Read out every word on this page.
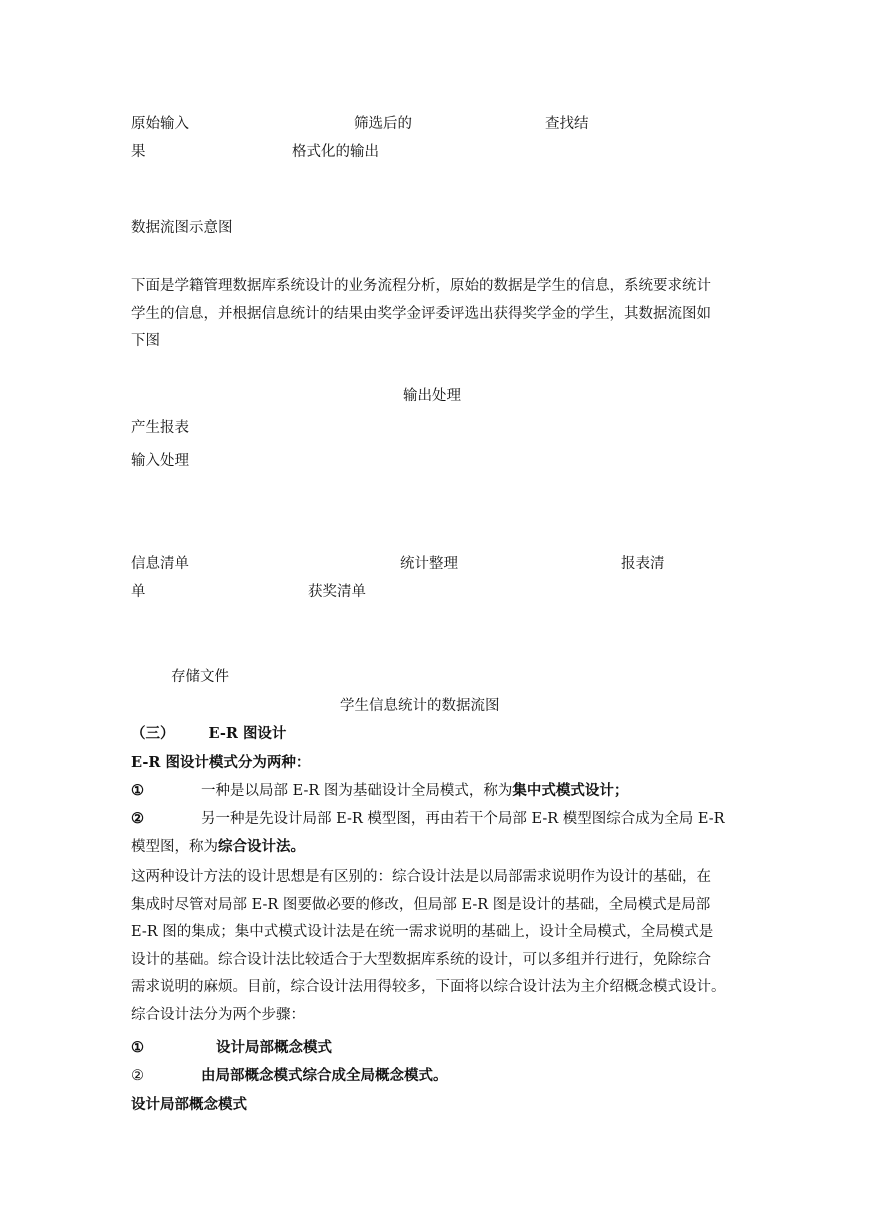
原始输入	筛选后的	查找结
果	格式化的输出
数据流图示意图
下面是学籍管理数据库系统设计的业务流程分析，原始的数据是学生的信息，系统要求统计
学生的信息，并根据信息统计的结果由奖学金评委评选出获得奖学金的学生，其数据流图如
下图
输出处理
产生报表
输入处理
信息清单	统计整理	报表清
单	获奖清单
存储文件
学生信息统计的数据流图
（三） E-R 图设计
E-R 图设计模式分为两种：
①	一种是以局部 E-R 图为基础设计全局模式，称为集中式模式设计；
②	另一种是先设计局部 E-R 模型图，再由若干个局部 E-R 模型图综合成为全局 E-R
模型图，称为综合设计法。
这两种设计方法的设计思想是有区别的：综合设计法是以局部需求说明作为设计的基础，在
集成时尽管对局部 E-R 图要做必要的修改，但局部 E-R 图是设计的基础，全局模式是局部
E-R 图的集成；集中式模式设计法是在统一需求说明的基础上，设计全局模式，全局模式是
设计的基础。综合设计法比较适合于大型数据库系统的设计，可以多组并行进行，免除综合
需求说明的麻烦。目前，综合设计法用得较多，下面将以综合设计法为主介绍概念模式设计。
综合设计法分为两个步骤：
①	设计局部概念模式
②	由局部概念模式综合成全局概念模式。
设计局部概念模式
